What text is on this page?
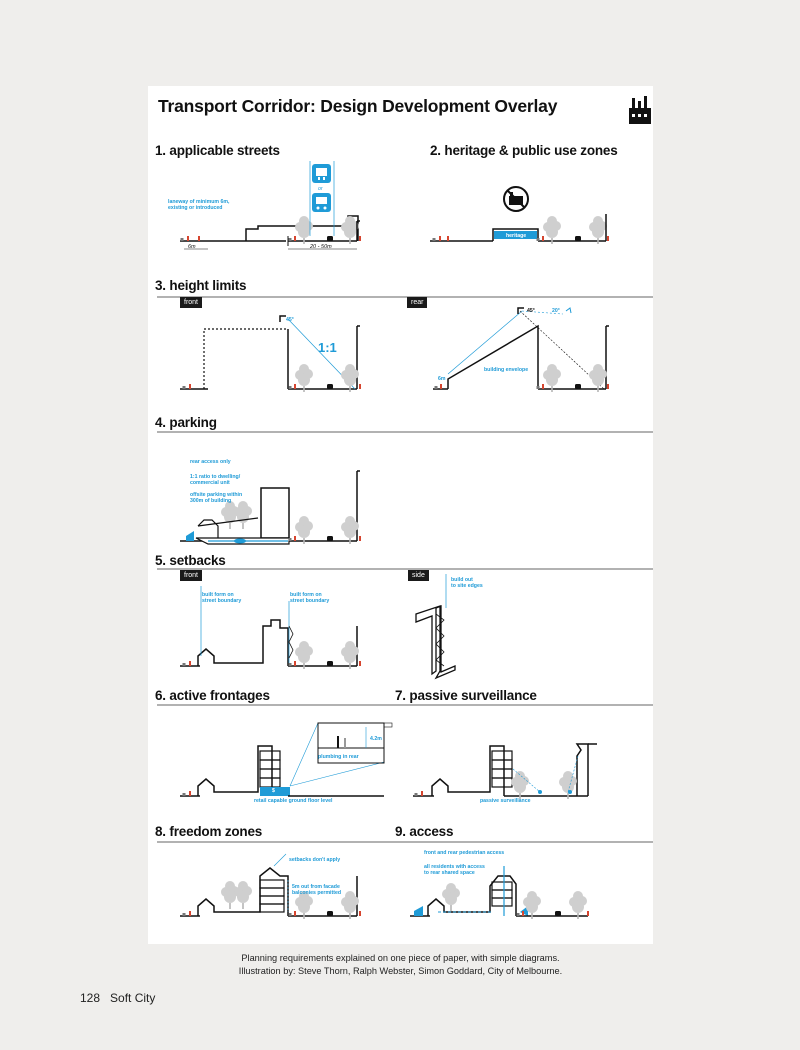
Transport Corridor: Design Development Overlay
1. applicable streets	2. heritage & public use zones
3. height limits
4. parking
5. setbacks
6. active frontages	7. passive surveillance
8. freedom zones	9. access
front	rear
front	side
laneway of minimum 6m,
existing or introduced
or
6m	20 - 50m
heritage
45°
1:1
45°	20°
6m
building envelope
rear access only
1:1 ratio to dwelling/
commercial unit
offsite parking within
300m of building
built form on
street boundary
built form on
street boundary
build out
to site edges
4.2m
plumbing in rear
$
retail capable ground floor level	passive surveillance
setbacks don't apply
5m out from facade
balconies permitted
front and rear pedestrian access
all residents with access
to rear shared space
Planning requirements explained on one piece of paper, with simple diagrams.
Illustration by: Steve Thorn, Ralph Webster, Simon Goddard, City of Melbourne.
128 Soft City
